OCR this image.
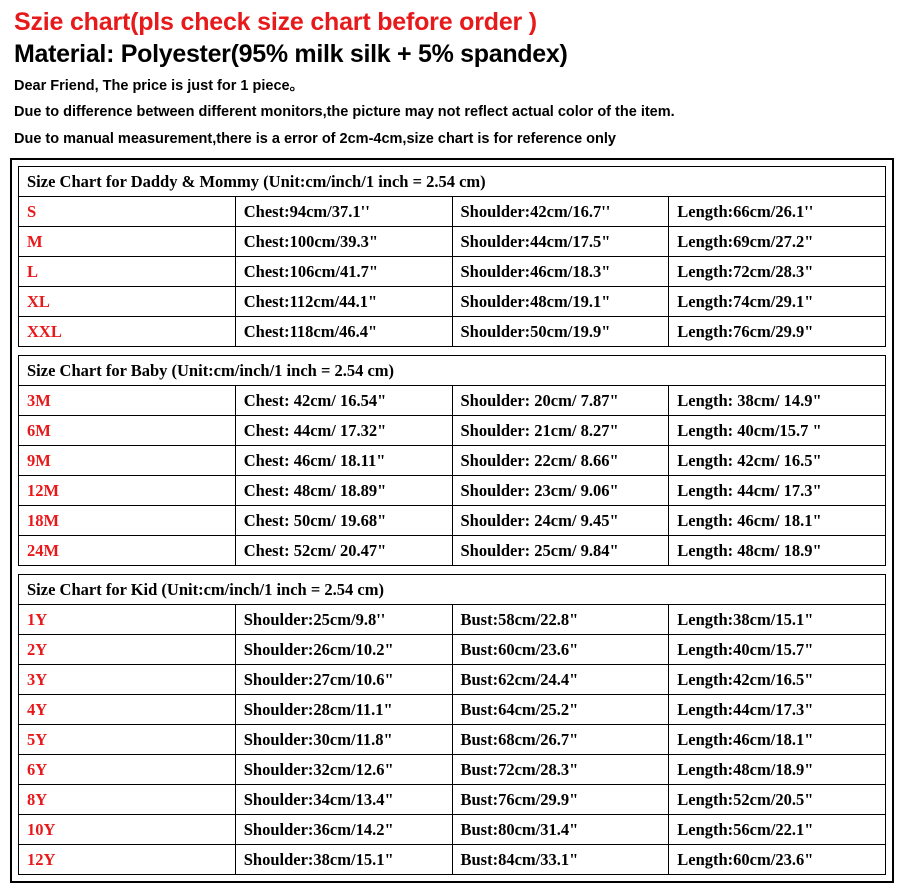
Szie chart(pls check size chart before order )
Material: Polyester(95% milk silk + 5% spandex)
Dear Friend, The price is just for 1 piece。
Due to difference between different monitors,the picture may not reflect actual color of the item.
Due to manual measurement,there is a error of 2cm-4cm,size chart is for reference only
Size Chart for Daddy & Mommy (Unit:cm/inch/1 inch = 2.54 cm)			
S	Chest:94cm/37.1''	Shoulder:42cm/16.7''	Length:66cm/26.1''
M	Chest:100cm/39.3"	Shoulder:44cm/17.5"	Length:69cm/27.2"
L	Chest:106cm/41.7"	Shoulder:46cm/18.3"	Length:72cm/28.3"
XL	Chest:112cm/44.1"	Shoulder:48cm/19.1"	Length:74cm/29.1"
XXL	Chest:118cm/46.4"	Shoulder:50cm/19.9"	Length:76cm/29.9"
Size Chart for Baby (Unit:cm/inch/1 inch = 2.54 cm)			
3M	Chest: 42cm/ 16.54"	Shoulder: 20cm/ 7.87"	Length: 38cm/ 14.9"
6M	Chest: 44cm/ 17.32"	Shoulder: 21cm/ 8.27"	Length: 40cm/15.7 "
9M	Chest: 46cm/ 18.11"	Shoulder: 22cm/ 8.66"	Length: 42cm/ 16.5"
12M	Chest: 48cm/ 18.89"	Shoulder: 23cm/ 9.06"	Length: 44cm/ 17.3"
18M	Chest: 50cm/ 19.68"	Shoulder: 24cm/ 9.45"	Length: 46cm/ 18.1"
24M	Chest: 52cm/ 20.47"	Shoulder: 25cm/ 9.84"	Length: 48cm/ 18.9"
Size Chart for Kid (Unit:cm/inch/1 inch = 2.54 cm)			
1Y	Shoulder:25cm/9.8''	Bust:58cm/22.8"	Length:38cm/15.1"
2Y	Shoulder:26cm/10.2"	Bust:60cm/23.6"	Length:40cm/15.7"
3Y	Shoulder:27cm/10.6"	Bust:62cm/24.4"	Length:42cm/16.5"
4Y	Shoulder:28cm/11.1"	Bust:64cm/25.2"	Length:44cm/17.3"
5Y	Shoulder:30cm/11.8"	Bust:68cm/26.7"	Length:46cm/18.1"
6Y	Shoulder:32cm/12.6"	Bust:72cm/28.3"	Length:48cm/18.9"
8Y	Shoulder:34cm/13.4"	Bust:76cm/29.9"	Length:52cm/20.5"
10Y	Shoulder:36cm/14.2"	Bust:80cm/31.4"	Length:56cm/22.1"
12Y	Shoulder:38cm/15.1"	Bust:84cm/33.1"	Length:60cm/23.6"
